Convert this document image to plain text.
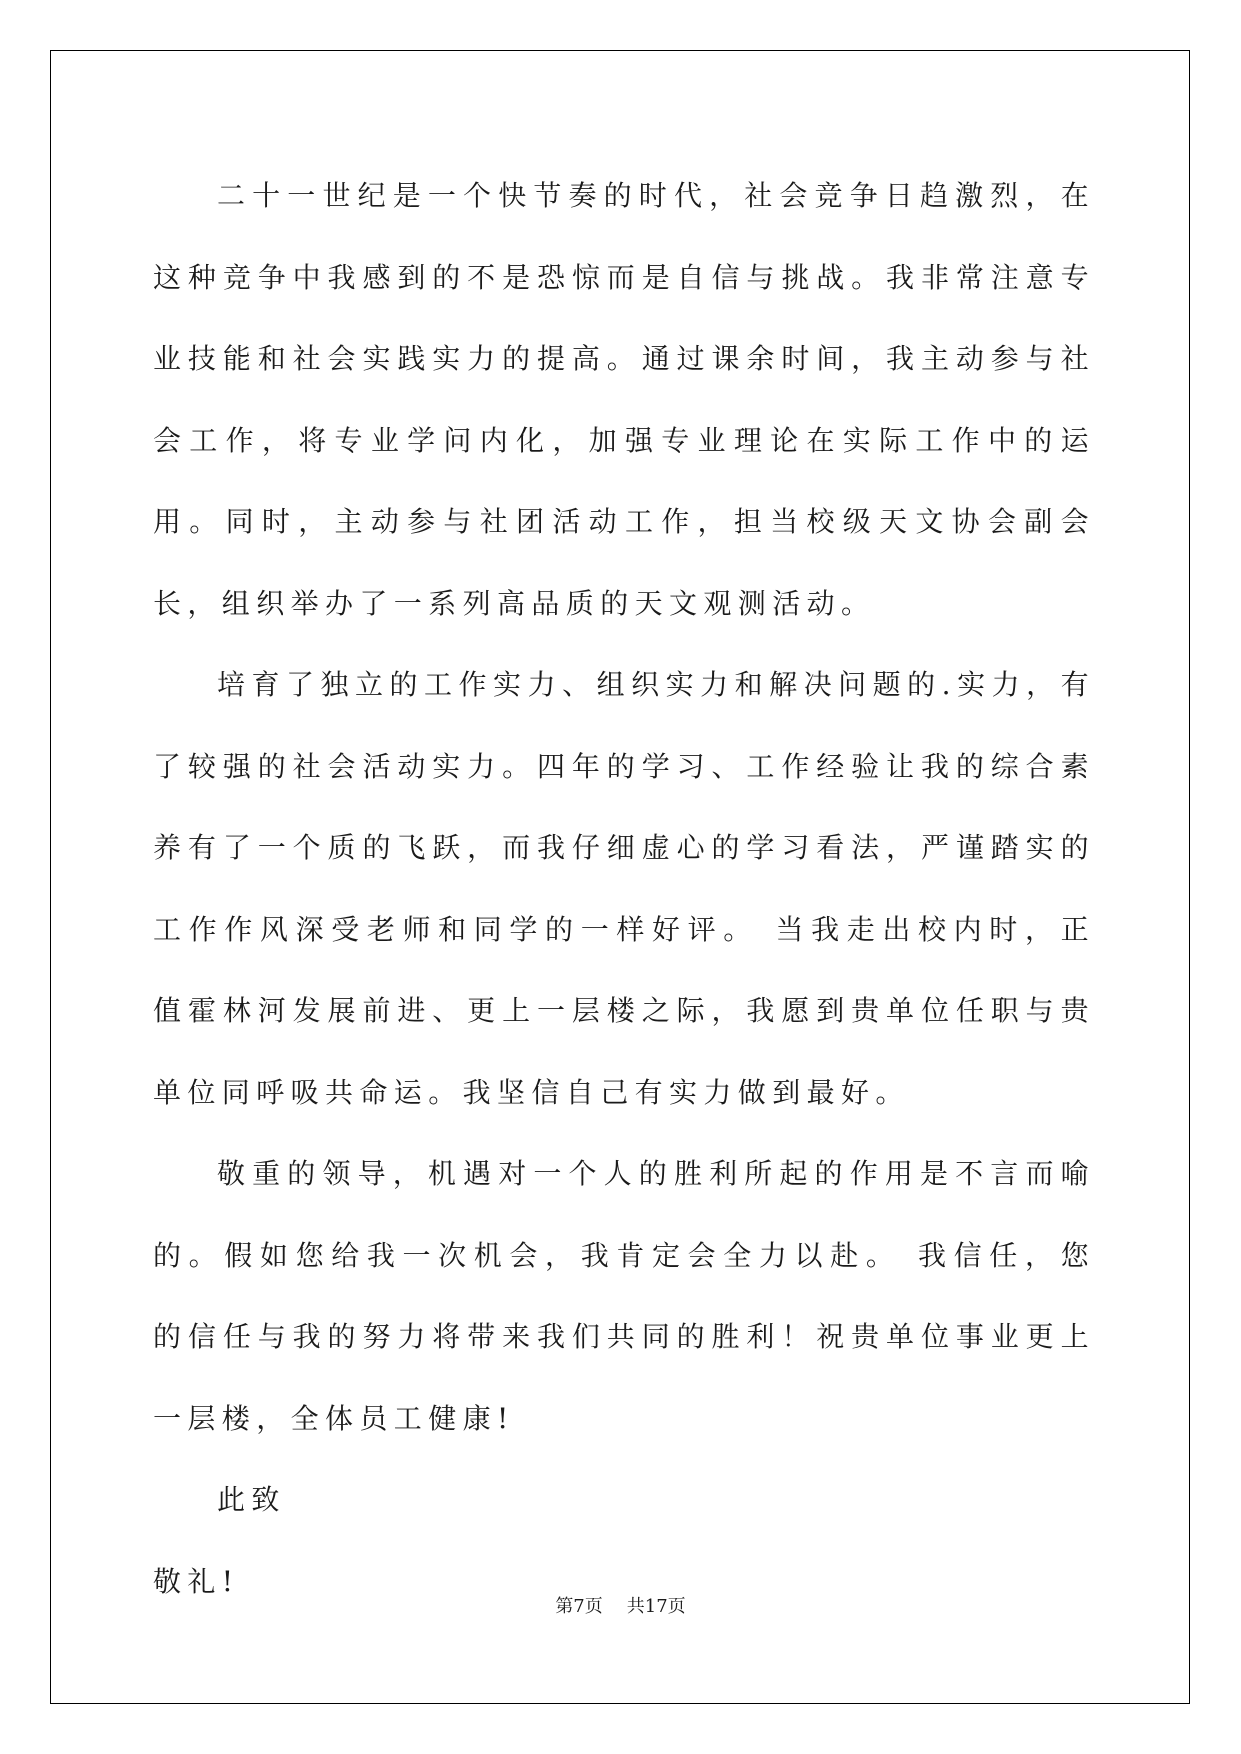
二十一世纪是一个快节奏的时代，社会竞争日趋激烈，在这种竞争中我感到的不是恐惊而是自信与挑战。我非常注意专业技能和社会实践实力的提高。通过课余时间，我主动参与社会工作，将专业学问内化，加强专业理论在实际工作中的运用。同时，主动参与社团活动工作，担当校级天文协会副会长，组织举办了一系列高品质的天文观测活动。

培育了独立的工作实力、组织实力和解决问题的.实力，有了较强的社会活动实力。四年的学习、工作经验让我的综合素养有了一个质的飞跃，而我仔细虚心的学习看法，严谨踏实的工作作风深受老师和同学的一样好评。 当我走出校内时，正值霍林河发展前进、更上一层楼之际，我愿到贵单位任职与贵单位同呼吸共命运。我坚信自己有实力做到最好。

敬重的领导，机遇对一个人的胜利所起的作用是不言而喻的。假如您给我一次机会，我肯定会全力以赴。 我信任，您的信任与我的努力将带来我们共同的胜利！祝贵单位事业更上一层楼，全体员工健康!

此致

敬礼!

第7页 共17页
